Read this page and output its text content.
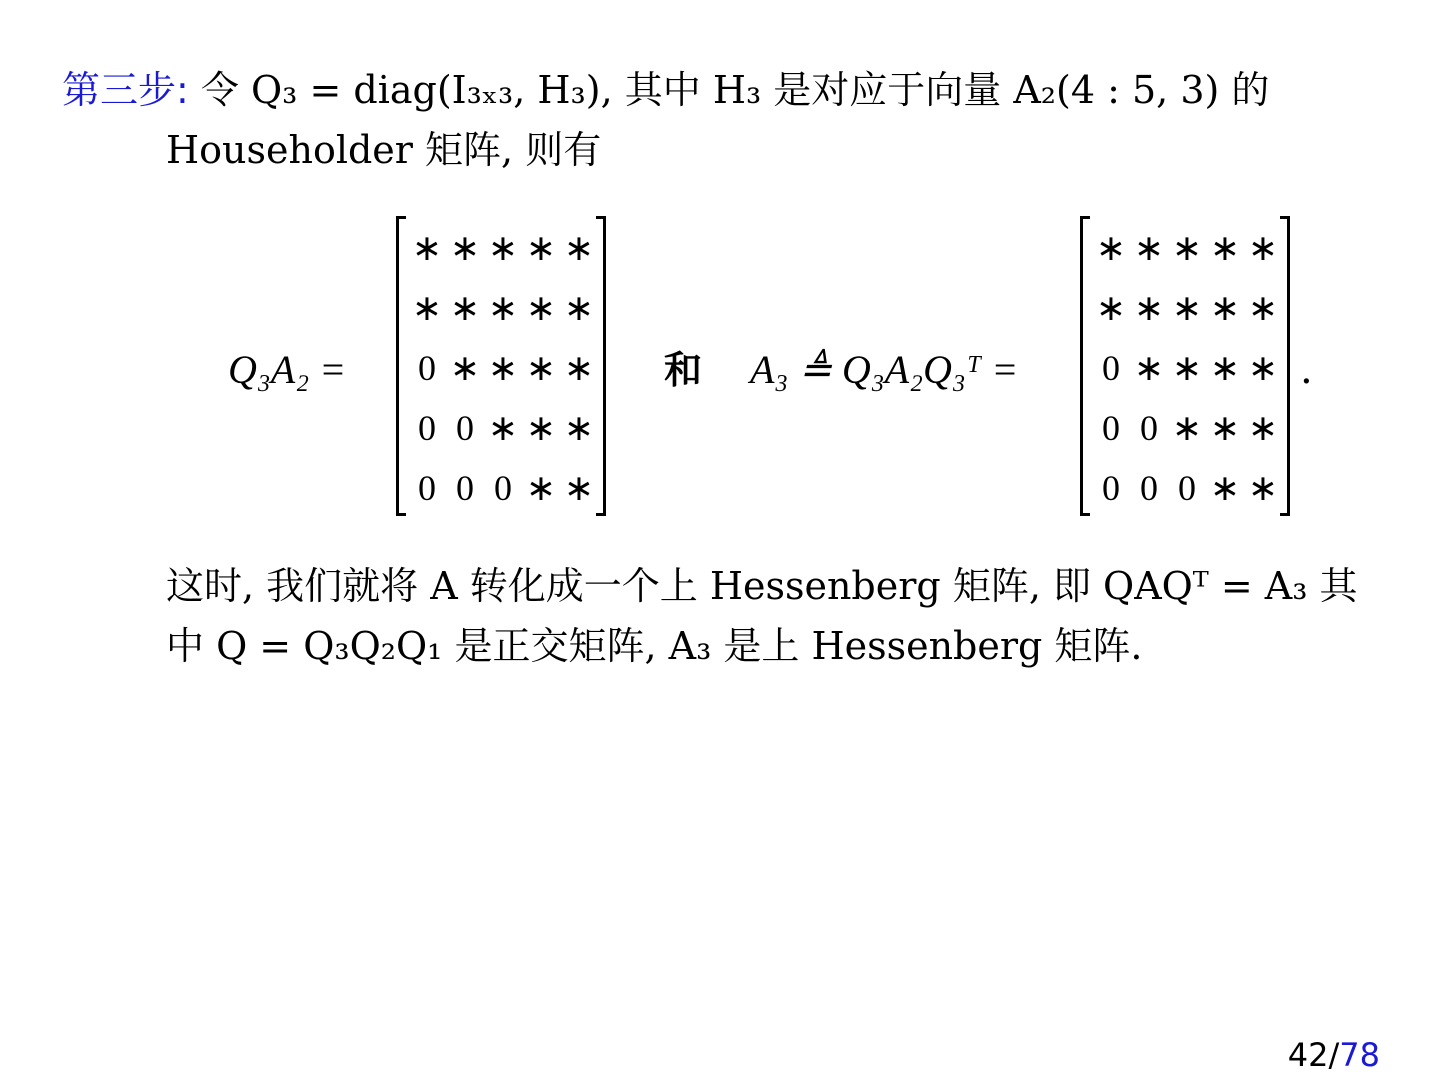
第三步: 令 Q₃ = diag(I₃ₓ₃, H₃), 其中 H₃ 是对应于向量 A₂(4 : 5, 3) 的
Householder 矩阵, 则有
Q₃A₂ =
∗ ∗ ∗ ∗ ∗
∗ ∗ ∗ ∗ ∗
0 ∗ ∗ ∗ ∗
0 0 ∗ ∗ ∗
0 0 0 ∗ ∗
和 A₃ ≜ Q₃A₂Q₃ᵀ =
∗ ∗ ∗ ∗ ∗
∗ ∗ ∗ ∗ ∗
0 ∗ ∗ ∗ ∗
0 0 ∗ ∗ ∗
0 0 0 ∗ ∗
.
这时, 我们就将 A 转化成一个上 Hessenberg 矩阵, 即 QAQᵀ = A₃ 其中 Q = Q₃Q₂Q₁ 是正交矩阵, A₃ 是上 Hessenberg 矩阵.
42/78
